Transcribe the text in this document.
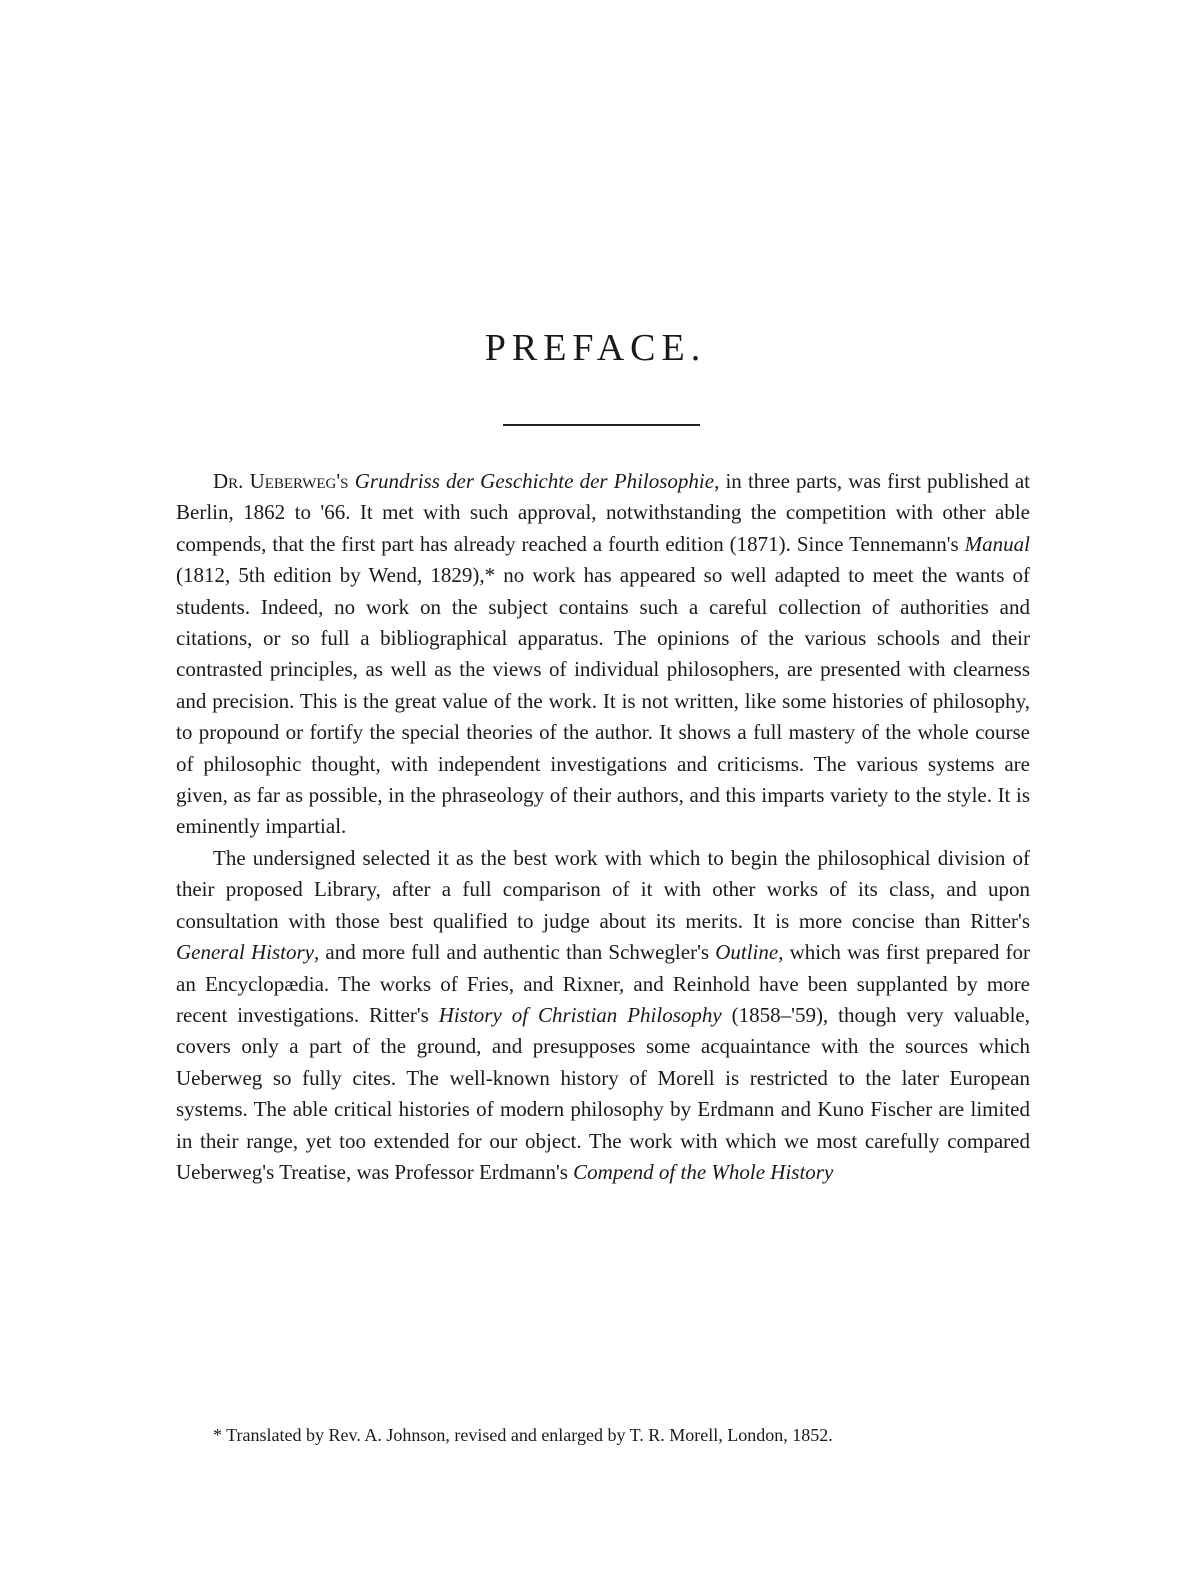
PREFACE.

Dr. Ueberweg's Grundriss der Geschichte der Philosophie, in three parts, was first published at Berlin, 1862 to '66. It met with such approval, notwithstanding the competition with other able compends, that the first part has already reached a fourth edition (1871). Since Tennemann's Manual (1812, 5th edition by Wend, 1829),* no work has appeared so well adapted to meet the wants of students. Indeed, no work on the subject contains such a careful collection of authorities and citations, or so full a bibliographical apparatus. The opinions of the various schools and their contrasted principles, as well as the views of individual philosophers, are presented with clearness and precision. This is the great value of the work. It is not written, like some histories of philosophy, to propound or fortify the special theories of the author. It shows a full mastery of the whole course of philosophic thought, with independent investigations and criticisms. The various systems are given, as far as possible, in the phraseology of their authors, and this imparts variety to the style. It is eminently impartial.

The undersigned selected it as the best work with which to begin the philosophical division of their proposed Library, after a full comparison of it with other works of its class, and upon consultation with those best qualified to judge about its merits. It is more concise than Ritter's General History, and more full and authentic than Schwegler's Outline, which was first prepared for an Encyclopædia. The works of Fries, and Rixner, and Reinhold have been supplanted by more recent investigations. Ritter's History of Christian Philosophy (1858–'59), though very valuable, covers only a part of the ground, and presupposes some acquaintance with the sources which Ueberweg so fully cites. The well-known history of Morell is restricted to the later European systems. The able critical histories of modern philosophy by Erdmann and Kuno Fischer are limited in their range, yet too extended for our object. The work with which we most carefully compared Ueberweg's Treatise, was Professor Erdmann's Compend of the Whole History

* Translated by Rev. A. Johnson, revised and enlarged by T. R. Morell, London, 1852.
